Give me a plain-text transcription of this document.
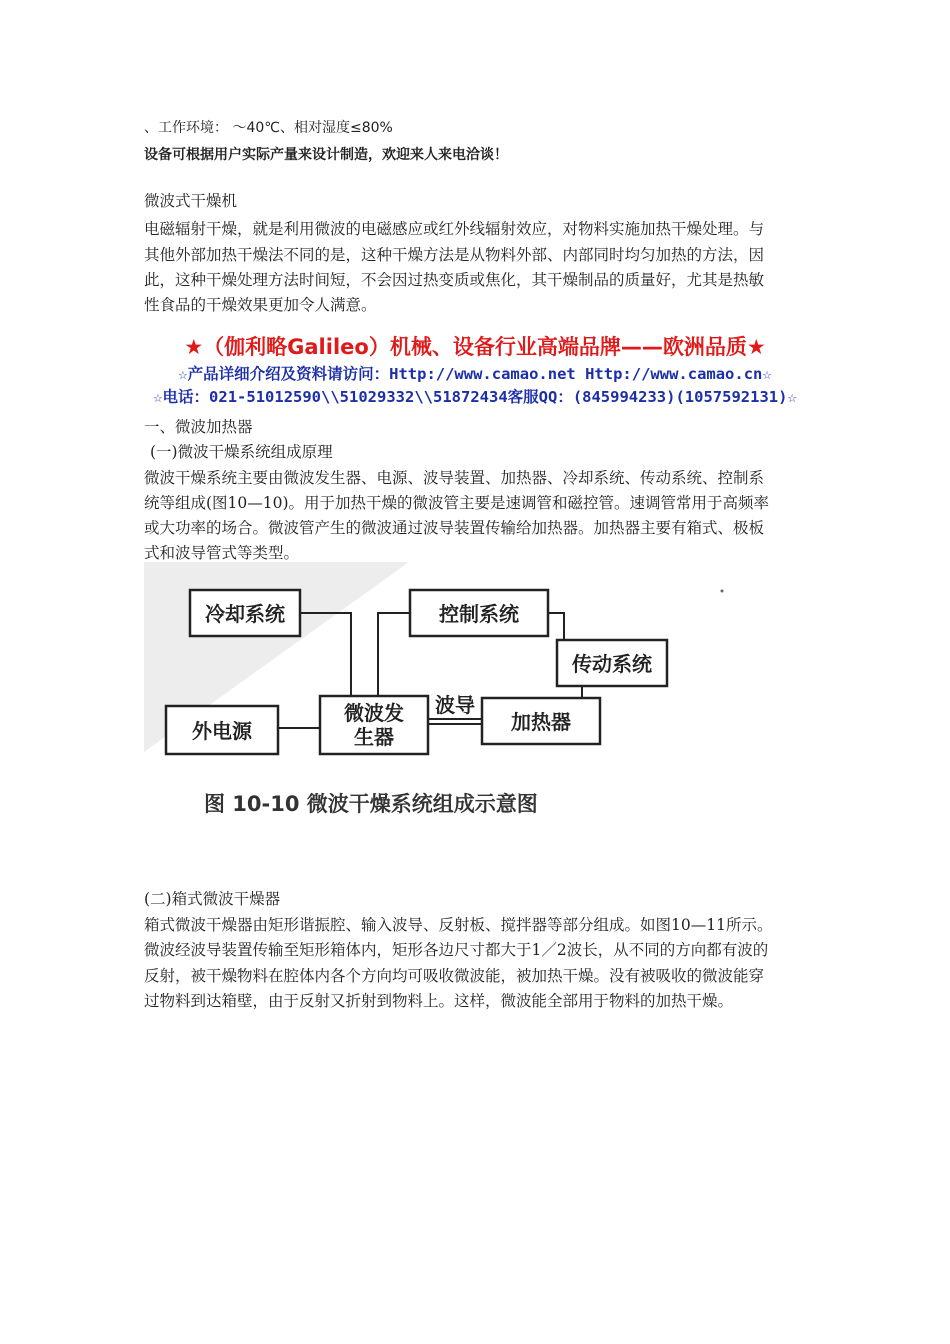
、工作环境： ～40℃、相对湿度≤80%
设备可根据用户实际产量来设计制造，欢迎来人来电洽谈！
微波式干燥机
电磁辐射干燥，就是利用微波的电磁感应或红外线辐射效应，对物料实施加热干燥处理。与
其他外部加热干燥法不同的是，这种干燥方法是从物料外部、内部同时均匀加热的方法，因
此，这种干燥处理方法时间短，不会因过热变质或焦化，其干燥制品的质量好，尤其是热敏
性食品的干燥效果更加令人满意。
★（伽利略Galileo）机械、设备行业高端品牌——欧洲品质★
☆产品详细介绍及资料请访问：Http://www.camao.net Http://www.camao.cn☆
☆电话：021-51012590\\51029332\\51872434客服QQ：(845994233)(1057592131)☆
一、微波加热器
(一)微波干燥系统组成原理
微波干燥系统主要由微波发生器、电源、波导装置、加热器、冷却系统、传动系统、控制系
统等组成(图10—10)。用于加热干燥的微波管主要是速调管和磁控管。速调管常用于高频率
或大功率的场合。微波管产生的微波通过波导装置传输给加热器。加热器主要有箱式、极板
式和波导管式等类型。
冷却系统	控制系统
传动系统
外电源
微波发
生器
加热器
波导
图 10-10 微波干燥系统组成示意图
(二)箱式微波干燥器
箱式微波干燥器由矩形谐振腔、输入波导、反射板、搅拌器等部分组成。如图10—11所示。
微波经波导装置传输至矩形箱体内，矩形各边尺寸都大于1／2波长，从不同的方向都有波的
反射，被干燥物料在腔体内各个方向均可吸收微波能，被加热干燥。没有被吸收的微波能穿
过物料到达箱壁，由于反射又折射到物料上。这样，微波能全部用于物料的加热干燥。
